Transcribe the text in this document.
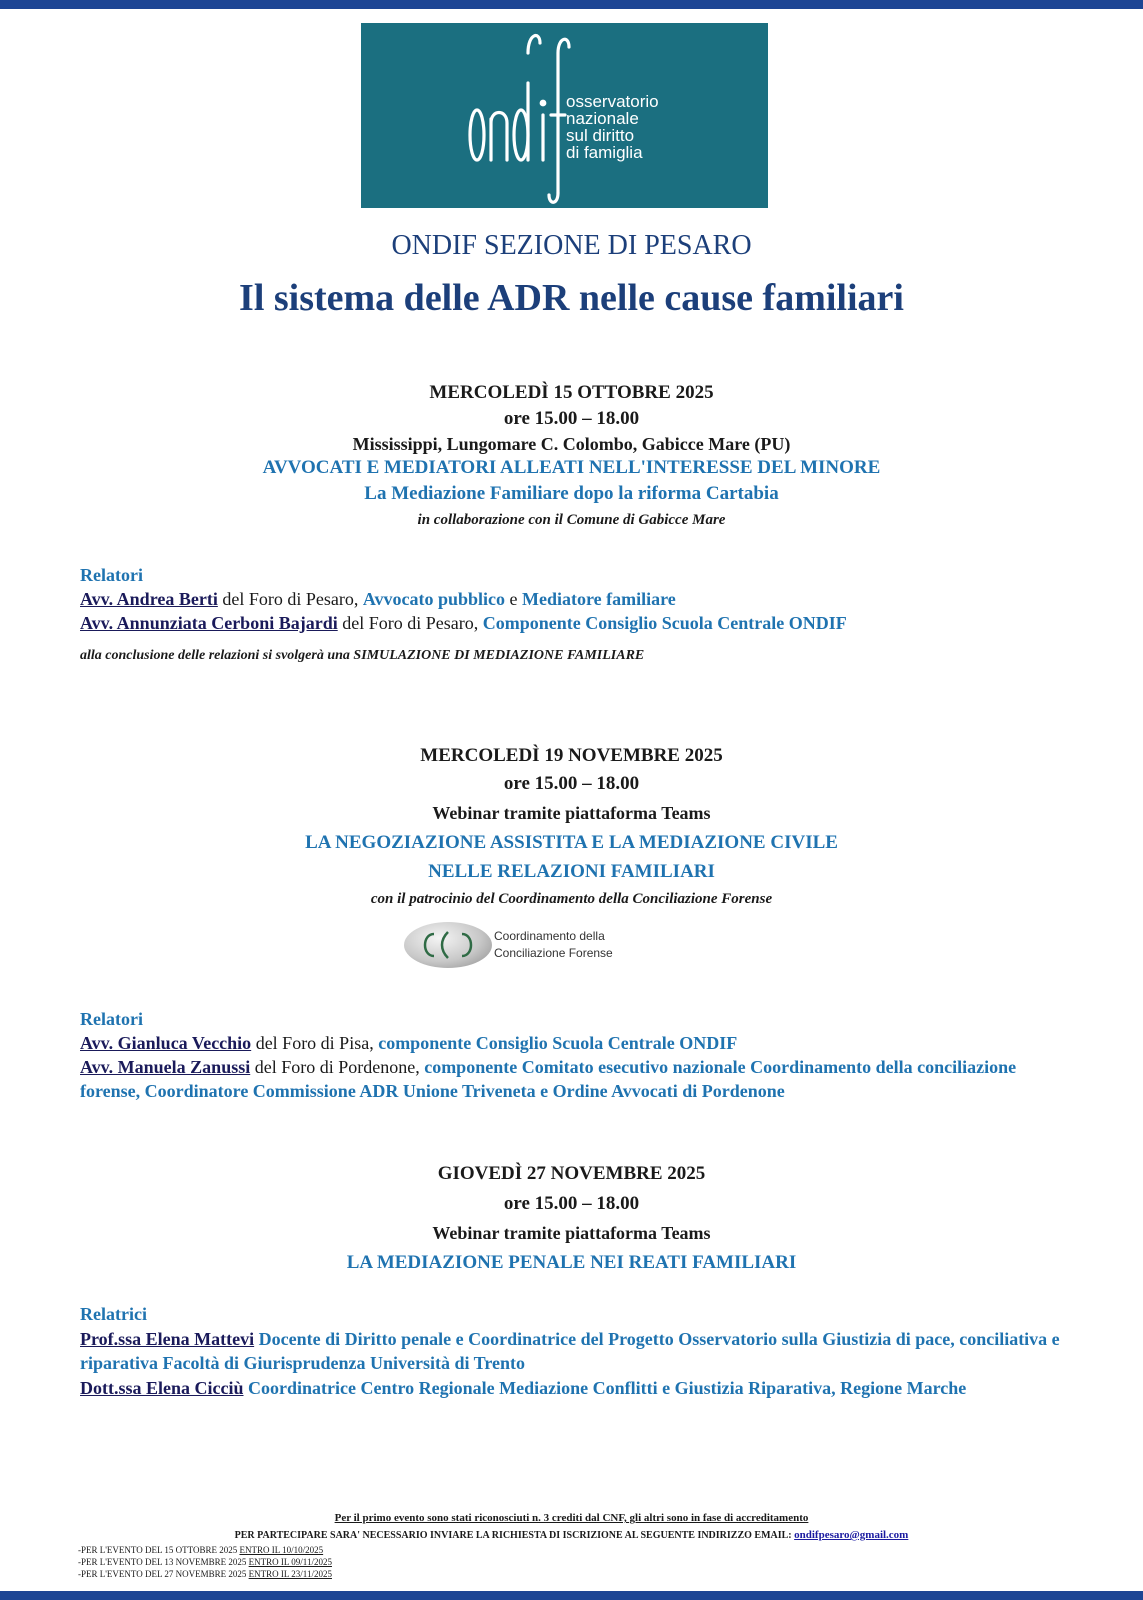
osservatorio
nazionale
sul diritto
di famiglia
ONDIF SEZIONE DI PESARO
Il sistema delle ADR nelle cause familiari
MERCOLEDÌ 15 OTTOBRE 2025
ore 15.00 – 18.00
Mississippi, Lungomare C. Colombo, Gabicce Mare (PU)
AVVOCATI E MEDIATORI ALLEATI NELL'INTERESSE DEL MINORE
La Mediazione Familiare dopo la riforma Cartabia
in collaborazione con il Comune di Gabicce Mare
Relatori
Avv. Andrea Berti del Foro di Pesaro, Avvocato pubblico e Mediatore familiare
Avv. Annunziata Cerboni Bajardi del Foro di Pesaro, Componente Consiglio Scuola Centrale ONDIF
alla conclusione delle relazioni si svolgerà una SIMULAZIONE DI MEDIAZIONE FAMILIARE
MERCOLEDÌ 19 NOVEMBRE 2025
ore 15.00 – 18.00
Webinar tramite piattaforma Teams
LA NEGOZIAZIONE ASSISTITA E LA MEDIAZIONE CIVILE
NELLE RELAZIONI FAMILIARI
con il patrocinio del Coordinamento della Conciliazione Forense
Coordinamento della
Conciliazione Forense
Relatori
Avv. Gianluca Vecchio del Foro di Pisa, componente Consiglio Scuola Centrale ONDIF
Avv. Manuela Zanussi del Foro di Pordenone, componente Comitato esecutivo nazionale Coordinamento della conciliazione forense, Coordinatore Commissione ADR Unione Triveneta e Ordine Avvocati di Pordenone
GIOVEDÌ 27 NOVEMBRE 2025
ore 15.00 – 18.00
Webinar tramite piattaforma Teams
LA MEDIAZIONE PENALE NEI REATI FAMILIARI
Relatrici
Prof.ssa Elena Mattevi Docente di Diritto penale e Coordinatrice del Progetto Osservatorio sulla Giustizia di pace, conciliativa e riparativa Facoltà di Giurisprudenza Università di Trento
Dott.ssa Elena Cicciù Coordinatrice Centro Regionale Mediazione Conflitti e Giustizia Riparativa, Regione Marche
Per il primo evento sono stati riconosciuti n. 3 crediti dal CNF, gli altri sono in fase di accreditamento
PER PARTECIPARE SARA' NECESSARIO INVIARE LA RICHIESTA DI ISCRIZIONE AL SEGUENTE INDIRIZZO EMAIL: ondifpesaro@gmail.com
-PER L'EVENTO DEL 15 OTTOBRE 2025 ENTRO IL 10/10/2025
-PER L'EVENTO DEL 13 NOVEMBRE 2025 ENTRO IL 09/11/2025
-PER L'EVENTO DEL 27 NOVEMBRE 2025 ENTRO IL 23/11/2025
